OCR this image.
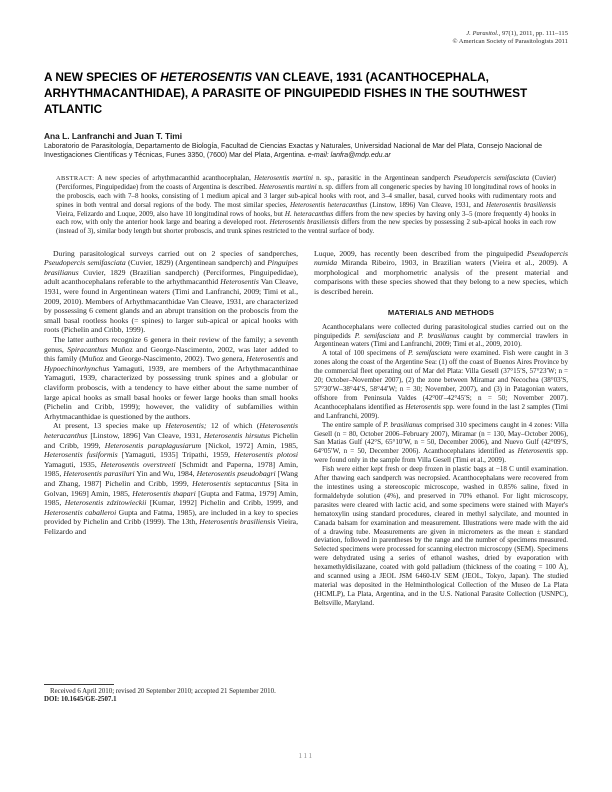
J. Parasitol., 97(1), 2011, pp. 111–115
© American Society of Parasitologists 2011
A NEW SPECIES OF HETEROSENTIS VAN CLEAVE, 1931 (ACANTHOCEPHALA, ARHYTHMACANTHIDAE), A PARASITE OF PINGUIPEDID FISHES IN THE SOUTHWEST ATLANTIC
Ana L. Lanfranchi and Juan T. Timi
Laboratorio de Parasitología, Departamento de Biología, Facultad de Ciencias Exactas y Naturales, Universidad Nacional de Mar del Plata, Consejo Nacional de Investigaciones Científicas y Técnicas, Funes 3350, (7600) Mar del Plata, Argentina. e-mail: lanfra@mdp.edu.ar
ABSTRACT: A new species of arhythmacanthid acanthocephalan, Heterosentis martini n. sp., parasitic in the Argentinean sandperch Pseudopercis semifasciata (Cuvier) (Perciformes, Pinguipedidae) from the coasts of Argentina is described. Heterosentis martini n. sp. differs from all congeneric species by having 10 longitudinal rows of hooks in the proboscis, each with 7–8 hooks, consisting of 1 medium apical and 3 larger sub-apical hooks with root, and 3–4 smaller, basal, curved hooks with rudimentary roots and spines in both ventral and dorsal regions of the body. The most similar species, Heterosentis heteracanthus (Linstow, 1896) Van Cleave, 1931, and Heterosentis brasiliensis Vieira, Felizardo and Luque, 2009, also have 10 longitudinal rows of hooks, but H. heteracanthus differs from the new species by having only 3–5 (more frequently 4) hooks in each row, with only the anterior hook large and bearing a developed root. Heterosentis brasiliensis differs from the new species by possessing 2 sub-apical hooks in each row (instead of 3), similar body length but shorter proboscis, and trunk spines restricted to the ventral surface of body.

During parasitological surveys carried out on 2 species of sandperches, Pseudopercis semifasciata (Cuvier, 1829) (Argentinean sandperch) and Pinguipes brasilianus Cuvier, 1829 (Brazilian sandperch) (Perciformes, Pinguipedidae), adult acanthocephalans referable to the arhythmacanthid Heterosentis Van Cleave, 1931, were found in Argentinean waters (Timi and Lanfranchi, 2009; Timi et al., 2009, 2010). Members of Arhythmacanthidae Van Cleave, 1931, are characterized by possessing 6 cement glands and an abrupt transition on the proboscis from the small basal rootless hooks (= spines) to larger sub-apical or apical hooks with roots (Pichelin and Cribb, 1999).

The latter authors recognize 6 genera in their review of the family; a seventh genus, Spiracanthus Muñoz and George-Nascimento, 2002, was later added to this family (Muñoz and George-Nascimento, 2002). Two genera, Heterosentis and Hypoechinorhynchus Yamaguti, 1939, are members of the Arhythmacanthinae Yamaguti, 1939, characterized by possessing trunk spines and a globular or claviform proboscis, with a tendency to have either about the same number of large apical hooks as small basal hooks or fewer large hooks than small hooks (Pichelin and Cribb, 1999); however, the validity of subfamilies within Arhytmacanthidae is questioned by the authors.

At present, 13 species make up Heterosentis; 12 of which (Heterosentis heteracanthus [Linstow, 1896] Van Cleave, 1931, Heterosentis hirsutus Pichelin and Cribb, 1999, Heterosentis paraplagusiarum [Nickol, 1972] Amin, 1985, Heterosentis fusiformis [Yamaguti, 1935] Tripathi, 1959, Heterosentis plotosi Yamaguti, 1935, Heterosentis overstreeti [Schmidt and Paperna, 1978] Amin, 1985, Heterosentis parasiluri Yin and Wu, 1984, Heterosentis pseudobagri [Wang and Zhang, 1987] Pichelin and Cribb, 1999, Heterosentis septacantus [Sita in Golvan, 1969] Amin, 1985, Heterosentis thapari [Gupta and Fatma, 1979] Amin, 1985, Heterosentis zdzitowieckii [Kumar, 1992] Pichelin and Cribb, 1999, and Heterosentis caballeroi Gupta and Fatma, 1985), are included in a key to species provided by Pichelin and Cribb (1999). The 13th, Heterosentis brasiliensis Vieira, Felizardo and

Received 6 April 2010; revised 20 September 2010; accepted 21 September 2010.
DOI: 10.1645/GE-2507.1

Luque, 2009, has recently been described from the pinguipedid Pseudopercis numida Miranda Ribeiro, 1903, in Brazilian waters (Vieira et al., 2009). A morphological and morphometric analysis of the present material and comparisons with these species showed that they belong to a new species, which is described herein.

MATERIALS AND METHODS

Acanthocephalans were collected during parasitological studies carried out on the pinguipedids P. semifasciata and P. brasilianus caught by commercial trawlers in Argentinean waters (Timi and Lanfranchi, 2009; Timi et al., 2009, 2010).

A total of 100 specimens of P. semifasciata were examined. Fish were caught in 3 zones along the coast of the Argentine Sea: (1) off the coast of Buenos Aires Province by the commercial fleet operating out of Mar del Plata: Villa Gesell (37°15′S, 57°23′W; n = 20; October–November 2007), (2) the zone between Miramar and Necochea (38°03′S, 57°30′W–38°44′S, 58°44′W; n = 30; November, 2007), and (3) in Patagonian waters, offshore from Peninsula Valdes (42°00′–42°45′S; n = 50; November 2007). Acanthocephalans identified as Heterosentis spp. were found in the last 2 samples (Timi and Lanfranchi, 2009).

The entire sample of P. brasilianus comprised 310 specimens caught in 4 zones: Villa Gesell (n = 80, October 2006–February 2007), Miramar (n = 130, May–October 2006), San Matias Gulf (42°S, 65°10′W, n = 50, December 2006), and Nuevo Gulf (42°09′S, 64°05′W, n = 50, December 2006). Acanthocephalans identified as Heterosentis spp. were found only in the sample from Villa Gesell (Timi et al., 2009).

Fish were either kept fresh or deep frozen in plastic bags at −18 C until examination. After thawing each sandperch was necropsied. Acanthocephalans were recovered from the intestines using a stereoscopic microscope, washed in 0.85% saline, fixed in formaldehyde solution (4%), and preserved in 70% ethanol. For light microscopy, parasites were cleared with lactic acid, and some specimens were stained with Mayer's hematoxylin using standard procedures, cleared in methyl salycilate, and mounted in Canada balsam for examination and measurement. Illustrations were made with the aid of a drawing tube. Measurements are given in micrometers as the mean ± standard deviation, followed in parentheses by the range and the number of specimens measured. Selected specimens were processed for scanning electron microscopy (SEM). Specimens were dehydrated using a series of ethanol washes, dried by evaporation with hexamethyldisilazane, coated with gold palladium (thickness of the coating = 100 Å), and scanned using a JEOL JSM 6460-LV SEM (JEOL, Tokyo, Japan). The studied material was deposited in the Helminthological Collection of the Museo de La Plata (HCMLP), La Plata, Argentina, and in the U.S. National Parasite Collection (USNPC), Beltsville, Maryland.

111
